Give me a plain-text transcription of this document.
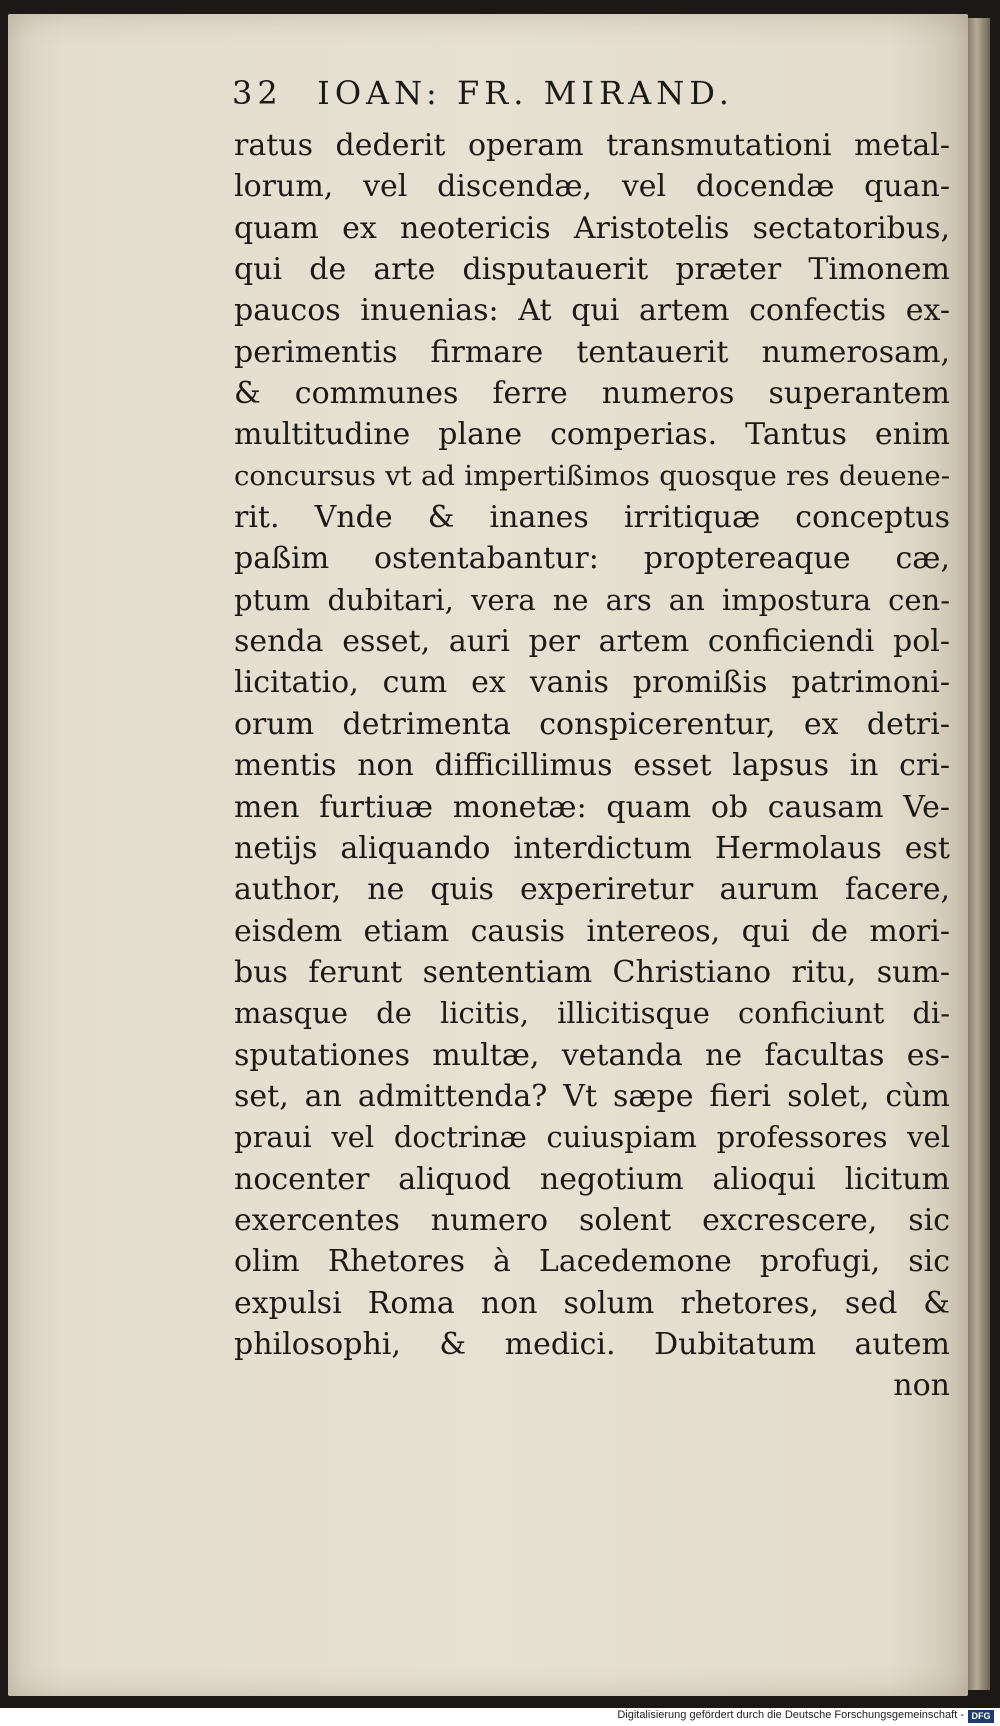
32 IOAN: FR. MIRAND.
ratus dederit operam transmutationi metal-
lorum, vel discendæ, vel docendæ quan-
quam ex neotericis Aristotelis sectatoribus,
qui de arte disputauerit præter Timonem
paucos inuenias: At qui artem confectis ex-
perimentis firmare tentauerit numerosam,
& communes ferre numeros superantem
multitudine plane comperias. Tantus enim
concursus vt ad impertißimos quosque res deuene-
rit. Vnde & inanes irritiquæ conceptus
paßim ostentabantur: proptereaque cæ,
ptum dubitari, vera ne ars an impostura cen-
senda esset, auri per artem conficiendi pol-
licitatio, cum ex vanis promißis patrimoni-
orum detrimenta conspicerentur, ex detri-
mentis non difficillimus esset lapsus in cri-
men furtiuæ monetæ: quam ob causam Ve-
netijs aliquando interdictum Hermolaus est
author, ne quis experiretur aurum facere,
eisdem etiam causis intereos, qui de mori-
bus ferunt sententiam Christiano ritu, sum-
masque de licitis, illicitisque conficiunt di-
sputationes multæ, vetanda ne facultas es-
set, an admittenda? Vt sæpe fieri solet, cùm
praui vel doctrinæ cuiuspiam professores vel
nocenter aliquod negotium alioqui licitum
exercentes numero solent excrescere, sic
olim Rhetores à Lacedemone profugi, sic
expulsi Roma non solum rhetores, sed &
philosophi, & medici. Dubitatum autem
non
Digitalisierung gefördert durch die Deutsche Forschungsgemeinschaft - DFG
